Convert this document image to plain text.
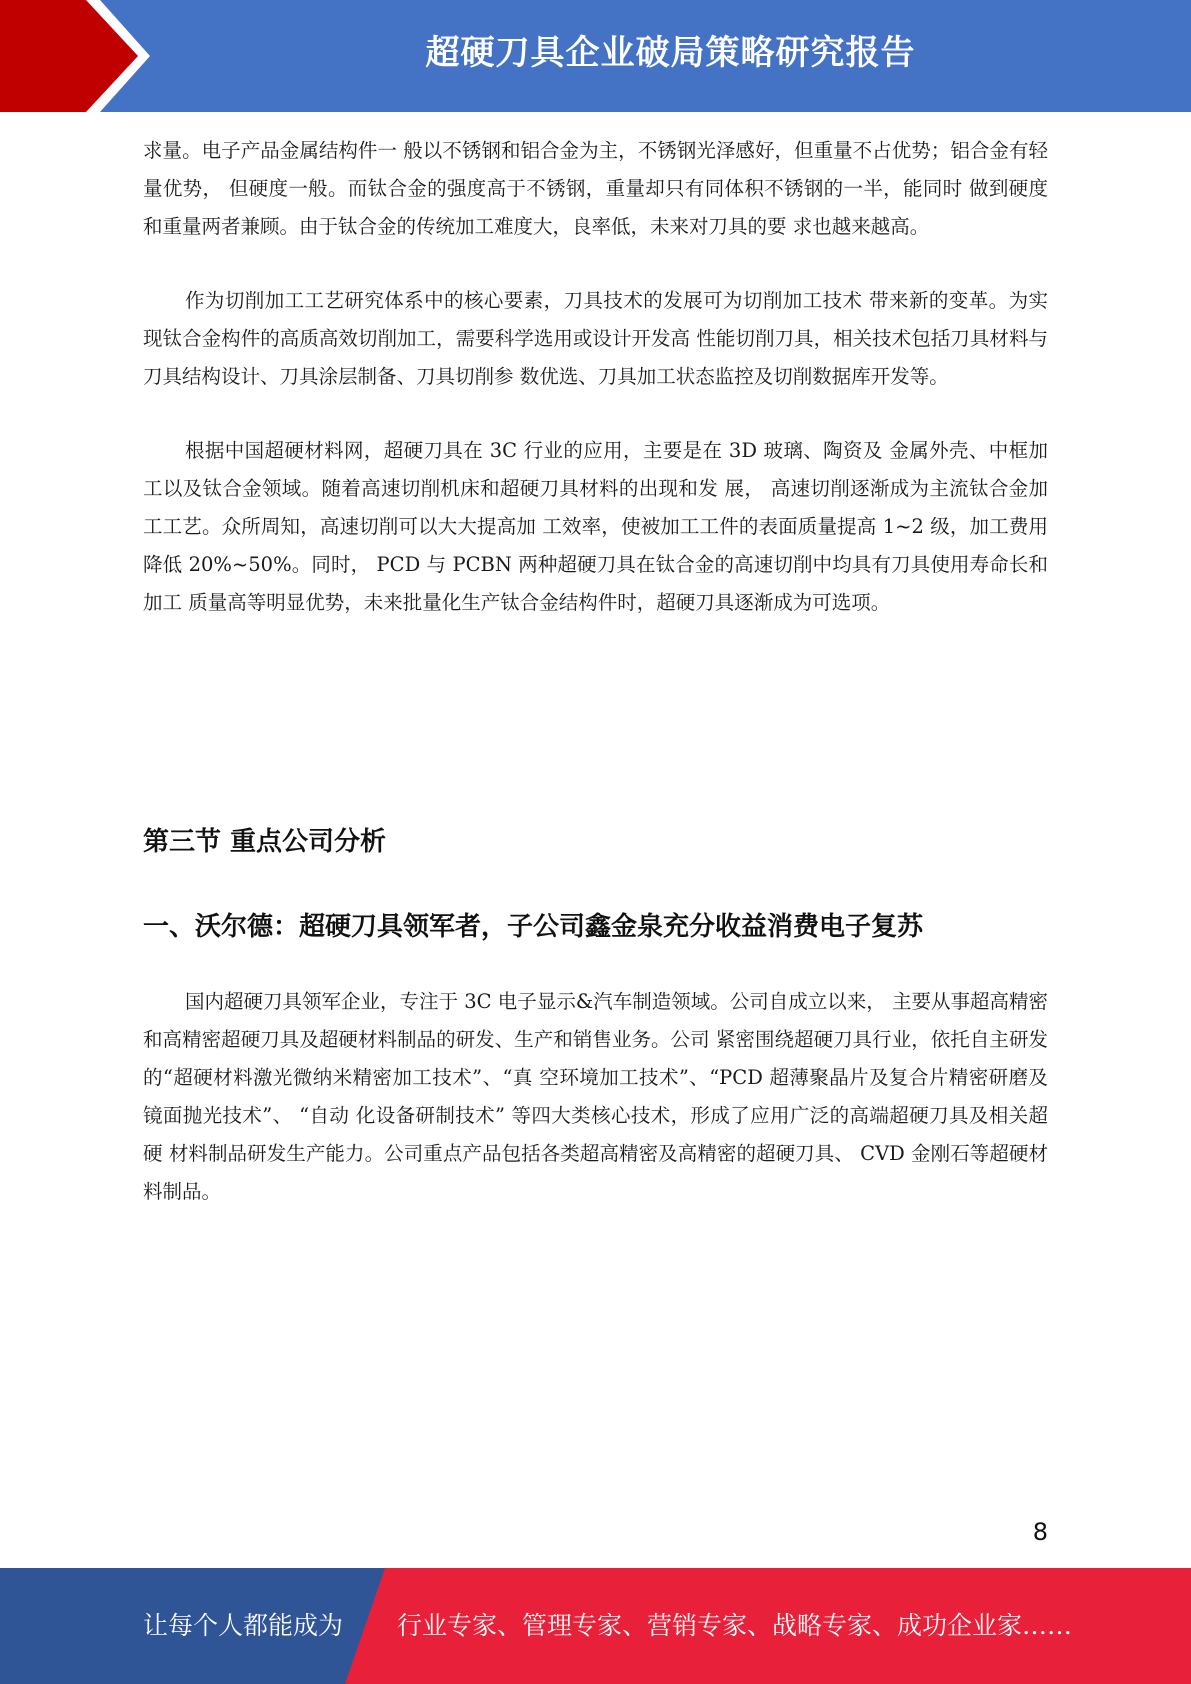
超硬刀具企业破局策略研究报告

求量。电子产品金属结构件一 般以不锈钢和铝合金为主，不锈钢光泽感好，但重量不占优势；铝合金有轻量优势， 但硬度一般。而钛合金的强度高于不锈钢，重量却只有同体积不锈钢的一半，能同时 做到硬度和重量两者兼顾。由于钛合金的传统加工难度大，良率低，未来对刀具的要 求也越来越高。

作为切削加工工艺研究体系中的核心要素，刀具技术的发展可为切削加工技术 带来新的变革。为实现钛合金构件的高质高效切削加工，需要科学选用或设计开发高 性能切削刀具，相关技术包括刀具材料与刀具结构设计、刀具涂层制备、刀具切削参 数优选、刀具加工状态监控及切削数据库开发等。

根据中国超硬材料网，超硬刀具在 3C 行业的应用，主要是在 3D 玻璃、陶资及 金属外壳、中框加工以及钛合金领域。随着高速切削机床和超硬刀具材料的出现和发 展， 高速切削逐渐成为主流钛合金加工工艺。众所周知，高速切削可以大大提高加 工效率，使被加工工件的表面质量提高 1~2 级，加工费用降低 20%~50%。同时， PCD 与 PCBN 两种超硬刀具在钛合金的高速切削中均具有刀具使用寿命长和加工 质量高等明显优势，未来批量化生产钛合金结构件时，超硬刀具逐渐成为可选项。

第三节 重点公司分析
一、沃尔德：超硬刀具领军者，子公司鑫金泉充分收益消费电子复苏

国内超硬刀具领军企业，专注于 3C 电子显示&汽车制造领域。公司自成立以来， 主要从事超高精密和高精密超硬刀具及超硬材料制品的研发、生产和销售业务。公司 紧密围绕超硬刀具行业，依托自主研发的“超硬材料激光微纳米精密加工技术”、“真 空环境加工技术”、“PCD 超薄聚晶片及复合片精密研磨及镜面抛光技术”、 “自动 化设备研制技术” 等四大类核心技术，形成了应用广泛的高端超硬刀具及相关超硬 材料制品研发生产能力。公司重点产品包括各类超高精密及高精密的超硬刀具、 CVD 金刚石等超硬材料制品。

8
让每个人都能成为 行业专家、管理专家、营销专家、战略专家、成功企业家……
